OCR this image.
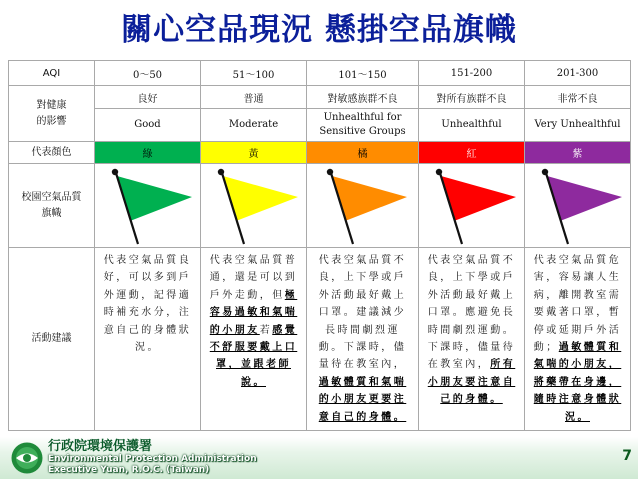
關心空品現況 懸掛空品旗幟
AQI	0～50	51～100	101～150	151-200	201-300
對健康
的影響	良好	普通	對敏感族群不良	對所有族群不良	非常不良
	Good	Moderate	Unhealthful for Sensitive Groups	Unhealthful	Very Unhealthful
代表顏色	綠	黃	橘	紅	紫
校園空氣品質
旗幟	

活動建議	代表空氣品質良好，可以多到戶外運動，記得適時補充水分，注意自己的身體狀況。	代表空氣品質普通，還是可以到戶外走動，但極容易過敏和氣喘的小朋友若感覺不舒服要戴上口罩，並跟老師說。	代表空氣品質不良，上下學或戶外活動最好戴上口罩。建議減少長時間劇烈運動。下課時，儘量待在教室內，過敏體質和氣喘的小朋友更要注意自己的身體。	代表空氣品質不良，上下學或戶外活動最好戴上口罩。應避免長時間劇烈運動。下課時，儘量待在教室內，所有小朋友要注意自己的身體。	代表空氣品質危害，容易讓人生病，離開教室需要戴著口罩，暫停或延期戶外活動；過敏體質和氣喘的小朋友，將藥帶在身邊，隨時注意身體狀況。
行政院環境保護署
Environmental Protection Administration
Executive Yuan, R.O.C. (Taiwan)
7
